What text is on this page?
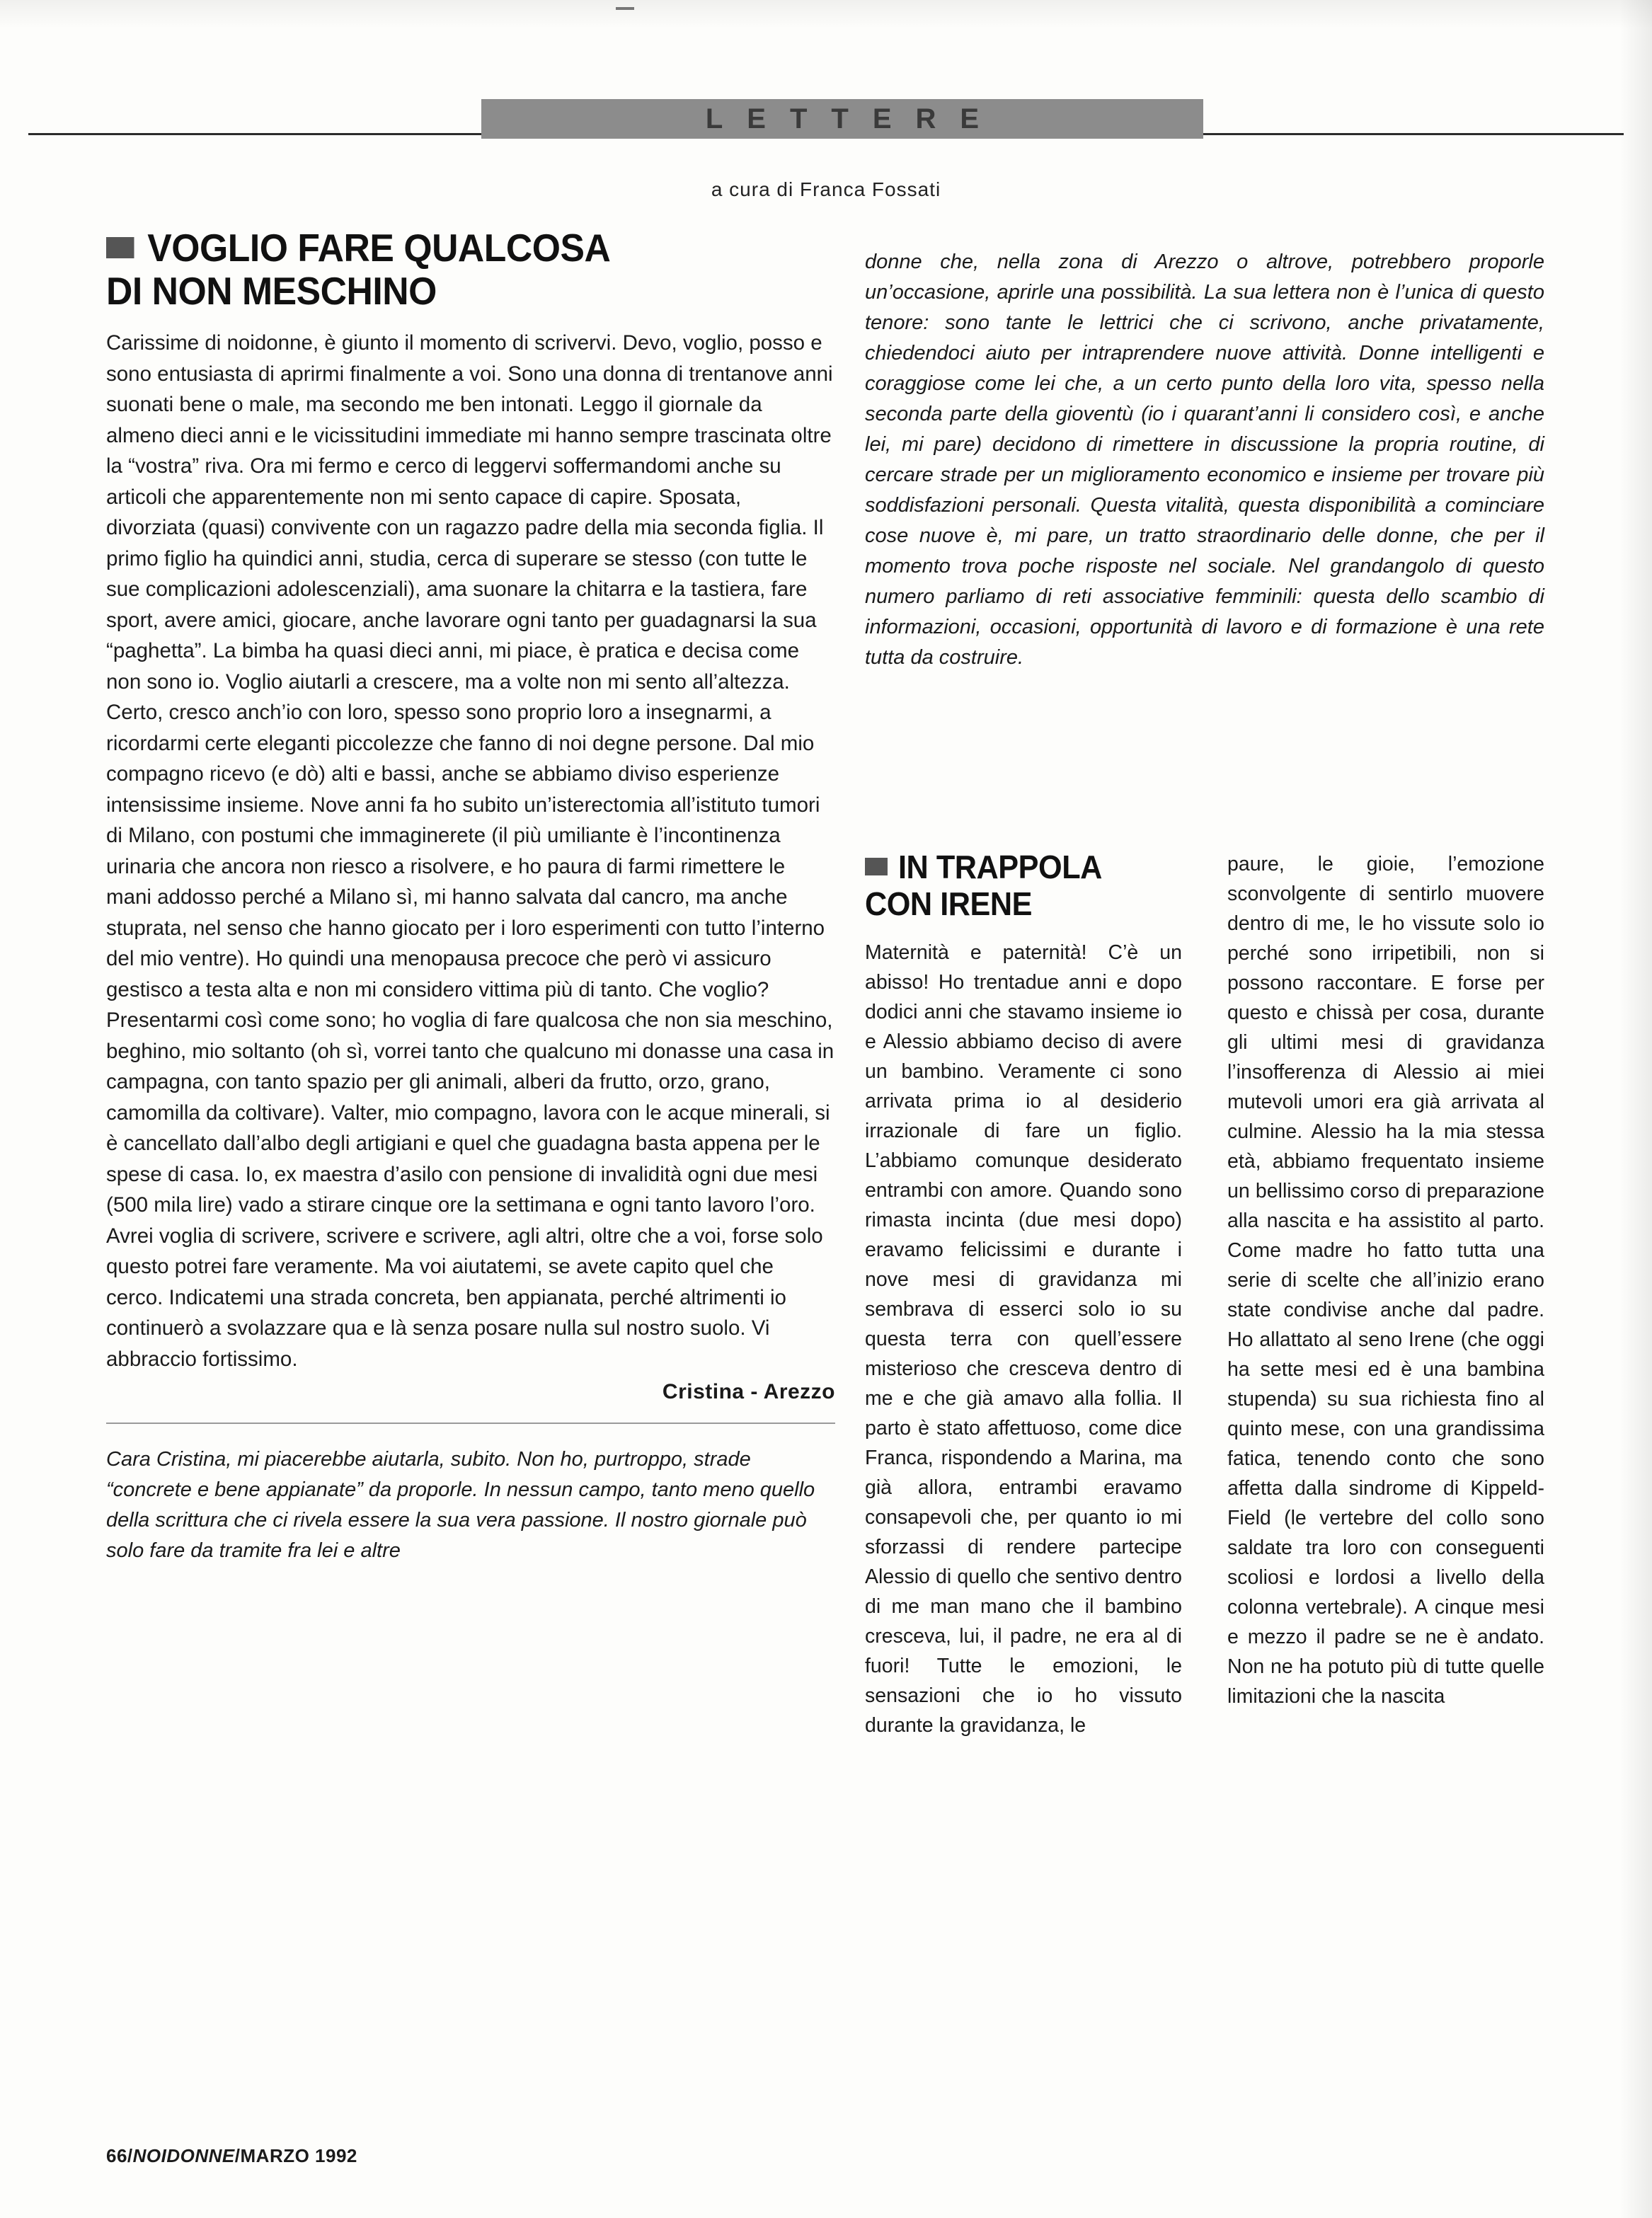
LETTERE
a cura di Franca Fossati
VOGLIO FARE QUALCOSA
DI NON MESCHINO

Carissime di noidonne, è giunto il momento di scrivervi. Devo, voglio, posso e sono entusiasta di aprirmi finalmente a voi. Sono una donna di trentanove anni suonati bene o male, ma secondo me ben intonati. Leggo il giornale da almeno dieci anni e le vicissitudini immediate mi hanno sempre trascinata oltre la “vostra” riva. Ora mi fermo e cerco di leggervi soffermandomi anche su articoli che apparentemente non mi sento capace di capire. Sposata, divorziata (quasi) convivente con un ragazzo padre della mia seconda figlia. Il primo figlio ha quindici anni, studia, cerca di superare se stesso (con tutte le sue complicazioni adolescenziali), ama suonare la chitarra e la tastiera, fare sport, avere amici, giocare, anche lavorare ogni tanto per guadagnarsi la sua “paghetta”. La bimba ha quasi dieci anni, mi piace, è pratica e decisa come non sono io. Voglio aiutarli a crescere, ma a volte non mi sento all’altezza. Certo, cresco anch’io con loro, spesso sono proprio loro a insegnarmi, a ricordarmi certe eleganti piccolezze che fanno di noi degne persone. Dal mio compagno ricevo (e dò) alti e bassi, anche se abbiamo diviso esperienze intensissime insieme. Nove anni fa ho subito un’isterectomia all’istituto tumori di Milano, con postumi che immaginerete (il più umiliante è l’incontinenza urinaria che ancora non riesco a risolvere, e ho paura di farmi rimettere le mani addosso perché a Milano sì, mi hanno salvata dal cancro, ma anche stuprata, nel senso che hanno giocato per i loro esperimenti con tutto l’interno del mio ventre). Ho quindi una menopausa precoce che però vi assicuro gestisco a testa alta e non mi considero vittima più di tanto. Che voglio? Presentarmi così come sono; ho voglia di fare qualcosa che non sia meschino, beghino, mio soltanto (oh sì, vorrei tanto che qualcuno mi donasse una casa in campagna, con tanto spazio per gli animali, alberi da frutto, orzo, grano, camomilla da coltivare). Valter, mio compagno, lavora con le acque minerali, si è cancellato dall’albo degli artigiani e quel che guadagna basta appena per le spese di casa. Io, ex maestra d’asilo con pensione di invalidità ogni due mesi (500 mila lire) vado a stirare cinque ore la settimana e ogni tanto lavoro l’oro. Avrei voglia di scrivere, scrivere e scrivere, agli altri, oltre che a voi, forse solo questo potrei fare veramente. Ma voi aiutatemi, se avete capito quel che cerco. Indicatemi una strada concreta, ben appianata, perché altrimenti io continuerò a svolazzare qua e là senza posare nulla sul nostro suolo. Vi abbraccio fortissimo.

Cristina - Arezzo

Cara Cristina, mi piacerebbe aiutarla, subito. Non ho, purtroppo, strade “concrete e bene appianate” da proporle. In nessun campo, tanto meno quello della scrittura che ci rivela essere la sua vera passione. Il nostro giornale può solo fare da tramite fra lei e altre

donne che, nella zona di Arezzo o altrove, potrebbero proporle un’occasione, aprirle una possibilità. La sua lettera non è l’unica di questo tenore: sono tante le lettrici che ci scrivono, anche privatamente, chiedendoci aiuto per intraprendere nuove attività. Donne intelligenti e coraggiose come lei che, a un certo punto della loro vita, spesso nella seconda parte della gioventù (io i quarant’anni li considero così, e anche lei, mi pare) decidono di rimettere in discussione la propria routine, di cercare strade per un miglioramento economico e insieme per trovare più soddisfazioni personali. Questa vitalità, questa disponibilità a cominciare cose nuove è, mi pare, un tratto straordinario delle donne, che per il momento trova poche risposte nel sociale. Nel grandangolo di questo numero parliamo di reti associative femminili: questa dello scambio di informazioni, occasioni, opportunità di lavoro e di formazione è una rete tutta da costruire.

IN TRAPPOLA
CON IRENE

Maternità e paternità! C’è un abisso! Ho trentadue anni e dopo dodici anni che stavamo insieme io e Alessio abbiamo deciso di avere un bambino. Veramente ci sono arrivata prima io al desiderio irrazionale di fare un figlio. L’abbiamo comunque desiderato entrambi con amore. Quando sono rimasta incinta (due mesi dopo) eravamo felicissimi e durante i nove mesi di gravidanza mi sembrava di esserci solo io su questa terra con quell’essere misterioso che cresceva dentro di me e che già amavo alla follia. Il parto è stato affettuoso, come dice Franca, rispondendo a Marina, ma già allora, entrambi eravamo consapevoli che, per quanto io mi sforzassi di rendere partecipe Alessio di quello che sentivo dentro di me man mano che il bambino cresceva, lui, il padre, ne era al di fuori! Tutte le emozioni, le sensazioni che io ho vissuto durante la gravidanza, le

paure, le gioie, l’emozione sconvolgente di sentirlo muovere dentro di me, le ho vissute solo io perché sono irripetibili, non si possono raccontare. E forse per questo e chissà per cosa, durante gli ultimi mesi di gravidanza l’insofferenza di Alessio ai miei mutevoli umori era già arrivata al culmine. Alessio ha la mia stessa età, abbiamo frequentato insieme un bellissimo corso di preparazione alla nascita e ha assistito al parto. Come madre ho fatto tutta una serie di scelte che all’inizio erano state condivise anche dal padre. Ho allattato al seno Irene (che oggi ha sette mesi ed è una bambina stupenda) su sua richiesta fino al quinto mese, con una grandissima fatica, tenendo conto che sono affetta dalla sindrome di Kippeld-Field (le vertebre del collo sono saldate tra loro con conseguenti scoliosi e lordosi a livello della colonna vertebrale). A cinque mesi e mezzo il padre se ne è andato. Non ne ha potuto più di tutte quelle limitazioni che la nascita

66/NOIDONNE/MARZO 1992
